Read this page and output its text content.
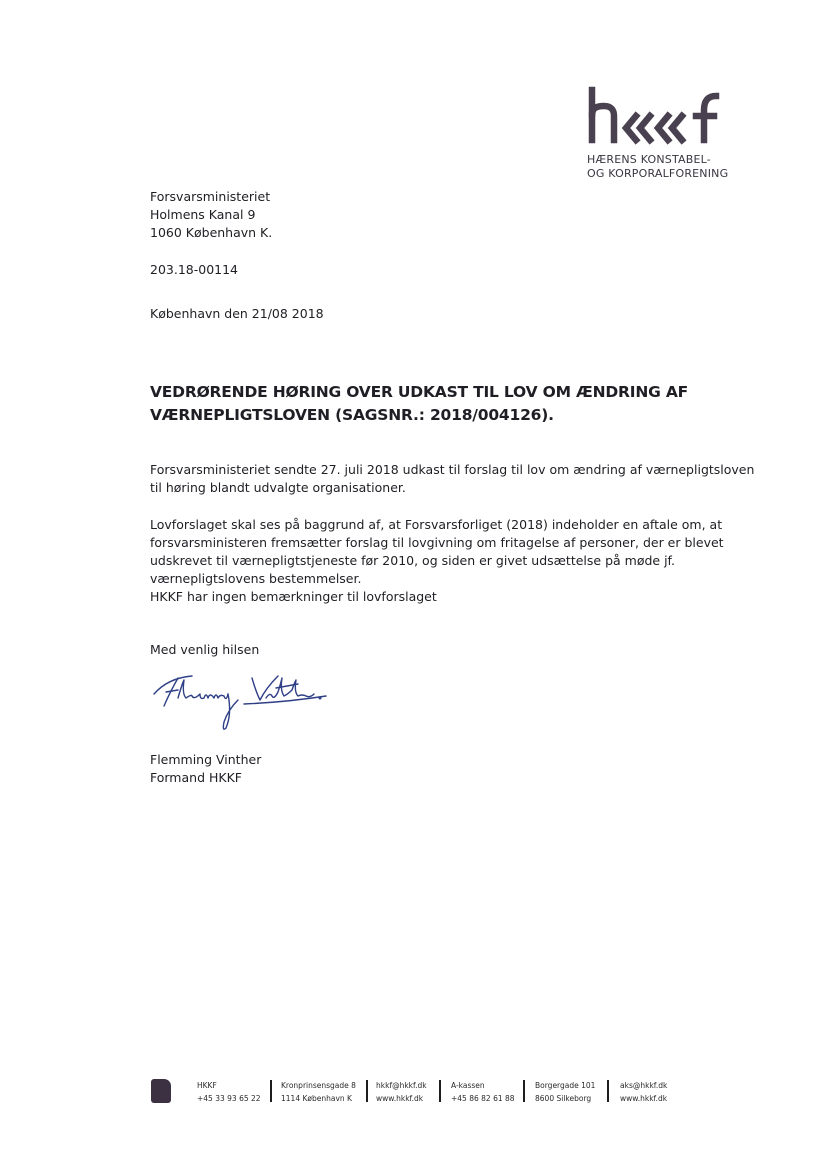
HÆRENS KONSTABEL-
OG KORPORALFORENING
Forsvarsministeriet
Holmens Kanal 9
1060 København K.
203.18-00114
København den 21/08 2018
VEDRØRENDE HØRING OVER UDKAST TIL LOV OM ÆNDRING AF
VÆRNEPLIGTSLOVEN (SAGSNR.: 2018/004126).
Forsvarsministeriet sendte 27. juli 2018 udkast til forslag til lov om ændring af værnepligtsloven
til høring blandt udvalgte organisationer.
Lovforslaget skal ses på baggrund af, at Forsvarsforliget (2018) indeholder en aftale om, at
forsvarsministeren fremsætter forslag til lovgivning om fritagelse af personer, der er blevet
udskrevet til værnepligtstjeneste før 2010, og siden er givet udsættelse på møde jf.
værnepligtslovens bestemmelser.
HKKF har ingen bemærkninger til lovforslaget
Med venlig hilsen
Flemming Vinther
Formand HKKF
HKKF
+45 33 93 65 22
Kronprinsensgade 8
1114 København K
hkkf@hkkf.dk
www.hkkf.dk
A-kassen
+45 86 82 61 88
Borgergade 101
8600 Silkeborg
aks@hkkf.dk
www.hkkf.dk
